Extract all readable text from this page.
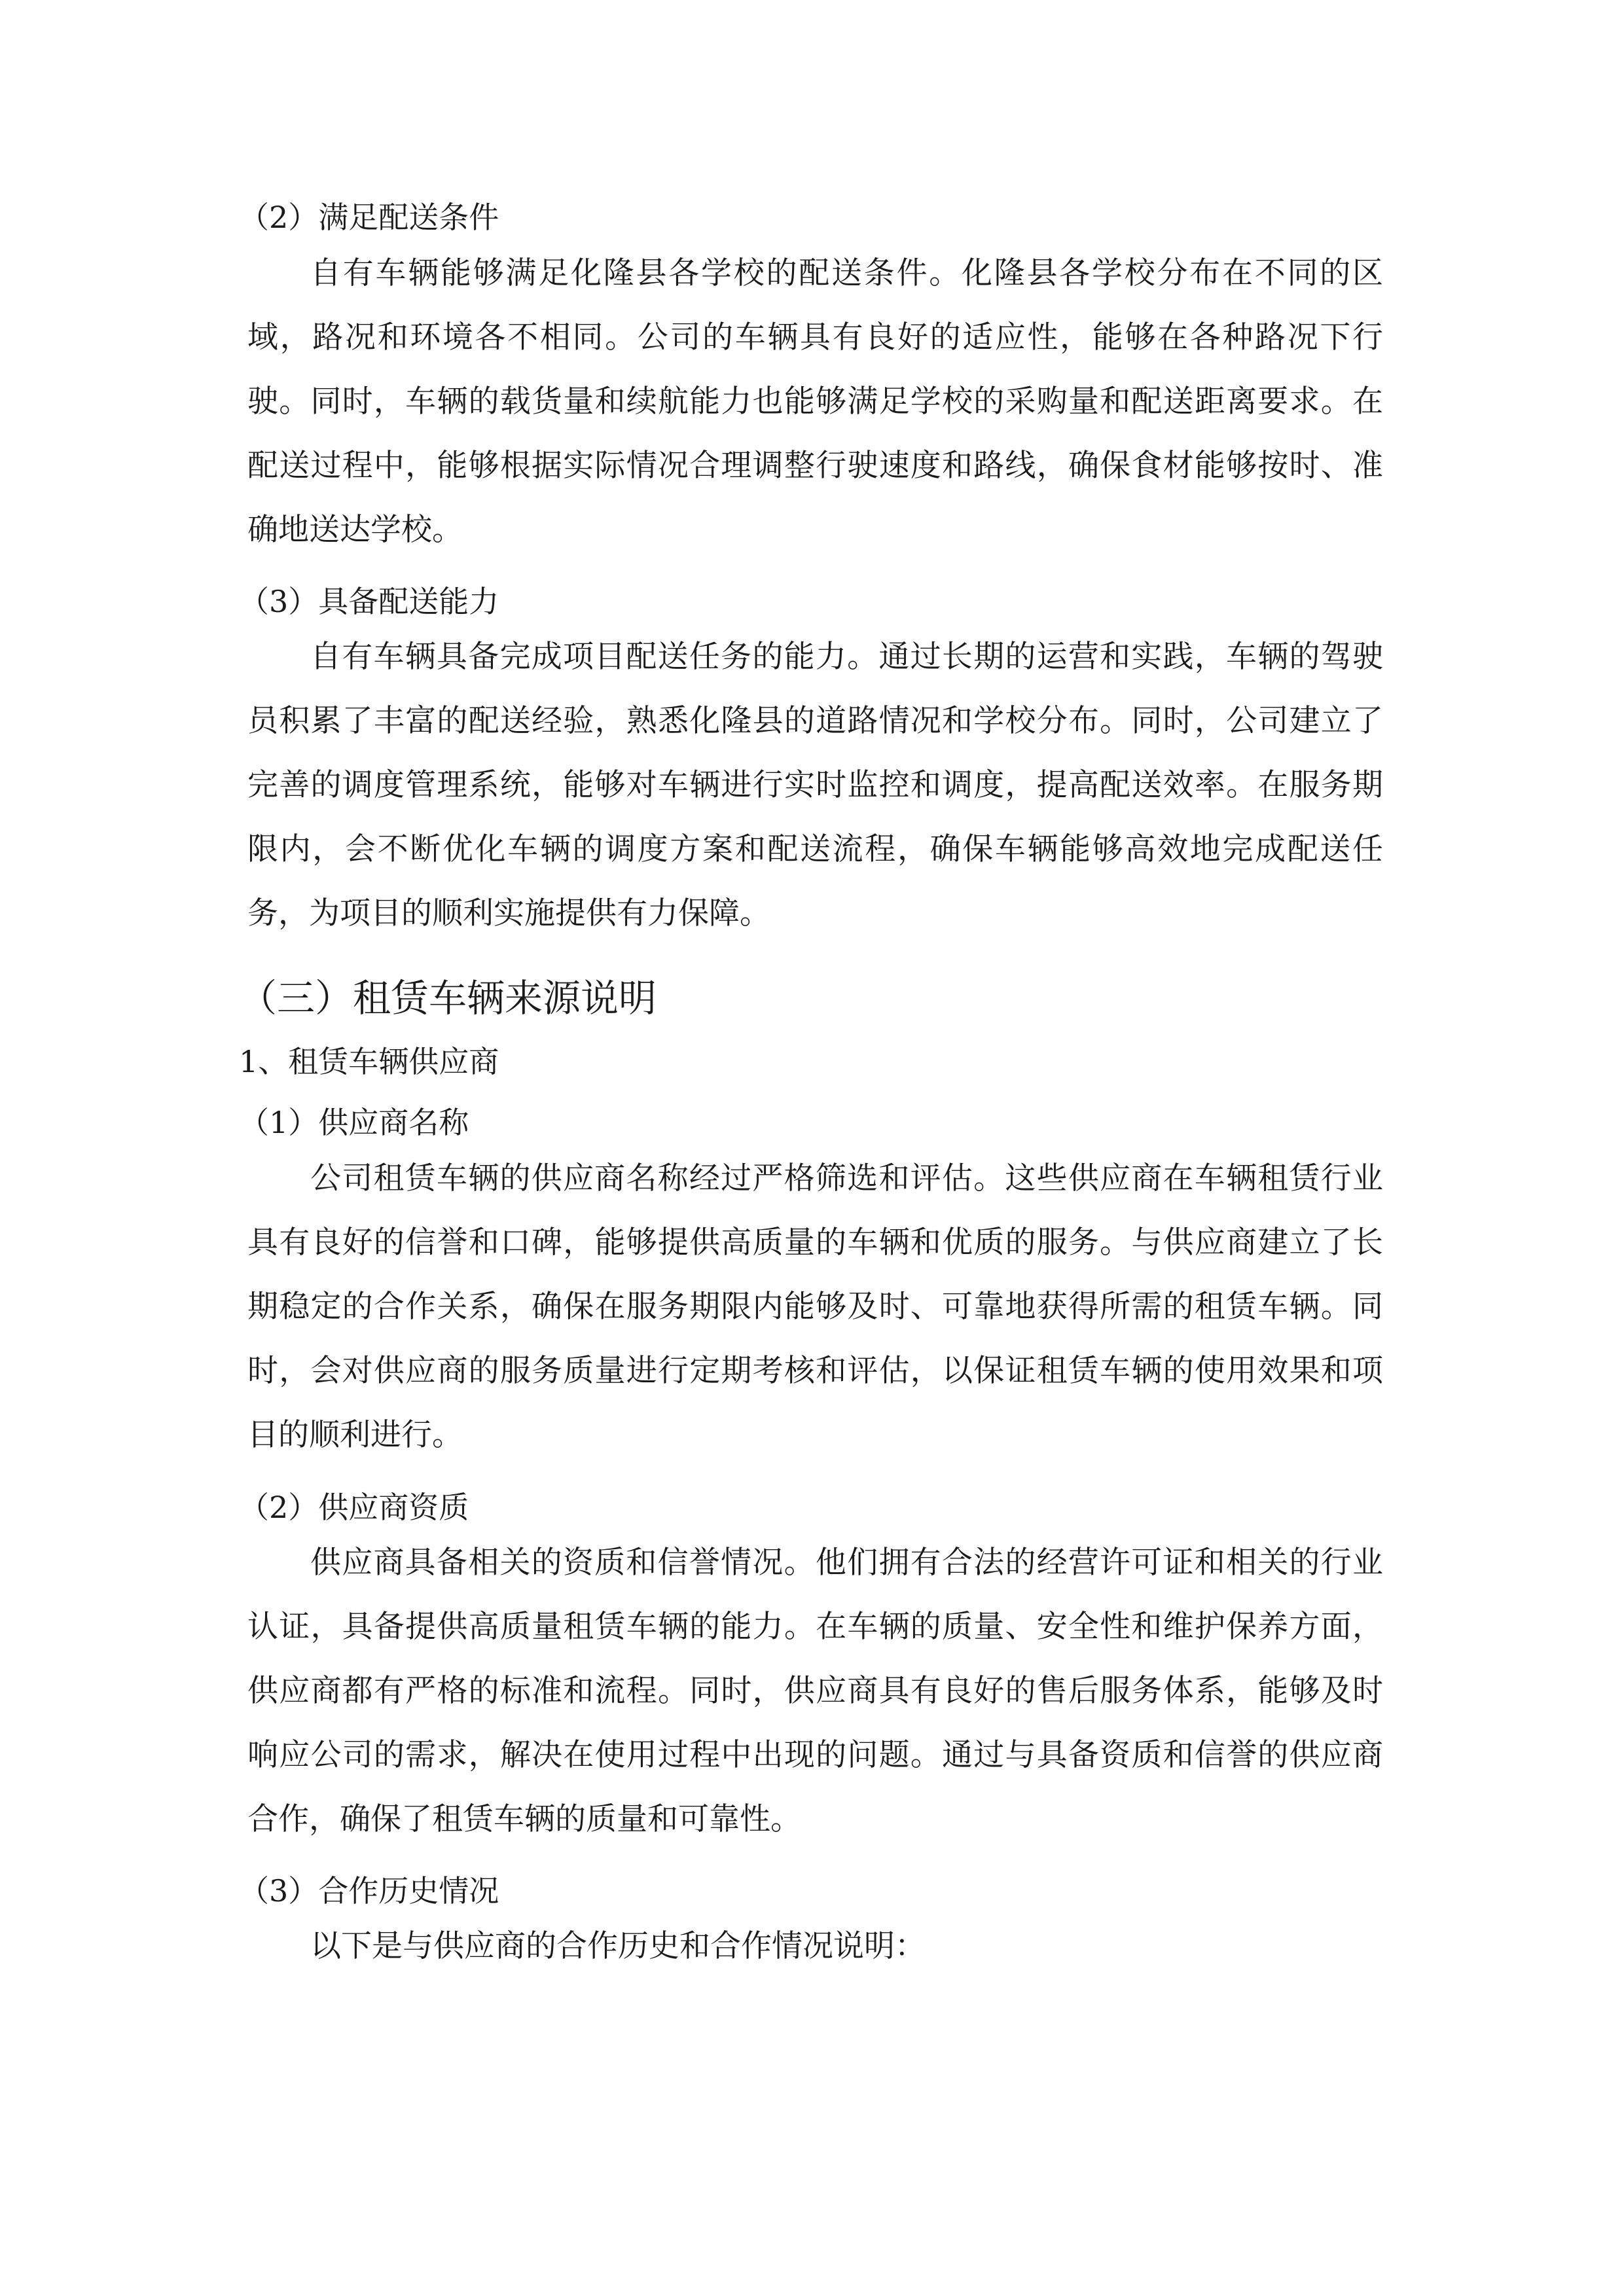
（2）满足配送条件

自有车辆能够满足化隆县各学校的配送条件。化隆县各学校分布在不同的区域，路况和环境各不相同。公司的车辆具有良好的适应性，能够在各种路况下行驶。同时，车辆的载货量和续航能力也能够满足学校的采购量和配送距离要求。在配送过程中，能够根据实际情况合理调整行驶速度和路线，确保食材能够按时、准确地送达学校。

（3）具备配送能力

自有车辆具备完成项目配送任务的能力。通过长期的运营和实践，车辆的驾驶员积累了丰富的配送经验，熟悉化隆县的道路情况和学校分布。同时，公司建立了完善的调度管理系统，能够对车辆进行实时监控和调度，提高配送效率。在服务期限内，会不断优化车辆的调度方案和配送流程，确保车辆能够高效地完成配送任务，为项目的顺利实施提供有力保障。

（三）租赁车辆来源说明
1、租赁车辆供应商
（1）供应商名称

公司租赁车辆的供应商名称经过严格筛选和评估。这些供应商在车辆租赁行业具有良好的信誉和口碑，能够提供高质量的车辆和优质的服务。与供应商建立了长期稳定的合作关系，确保在服务期限内能够及时、可靠地获得所需的租赁车辆。同时，会对供应商的服务质量进行定期考核和评估，以保证租赁车辆的使用效果和项目的顺利进行。

（2）供应商资质

供应商具备相关的资质和信誉情况。他们拥有合法的经营许可证和相关的行业认证，具备提供高质量租赁车辆的能力。在车辆的质量、安全性和维护保养方面，供应商都有严格的标准和流程。同时，供应商具有良好的售后服务体系，能够及时响应公司的需求，解决在使用过程中出现的问题。通过与具备资质和信誉的供应商合作，确保了租赁车辆的质量和可靠性。

（3）合作历史情况

以下是与供应商的合作历史和合作情况说明：
